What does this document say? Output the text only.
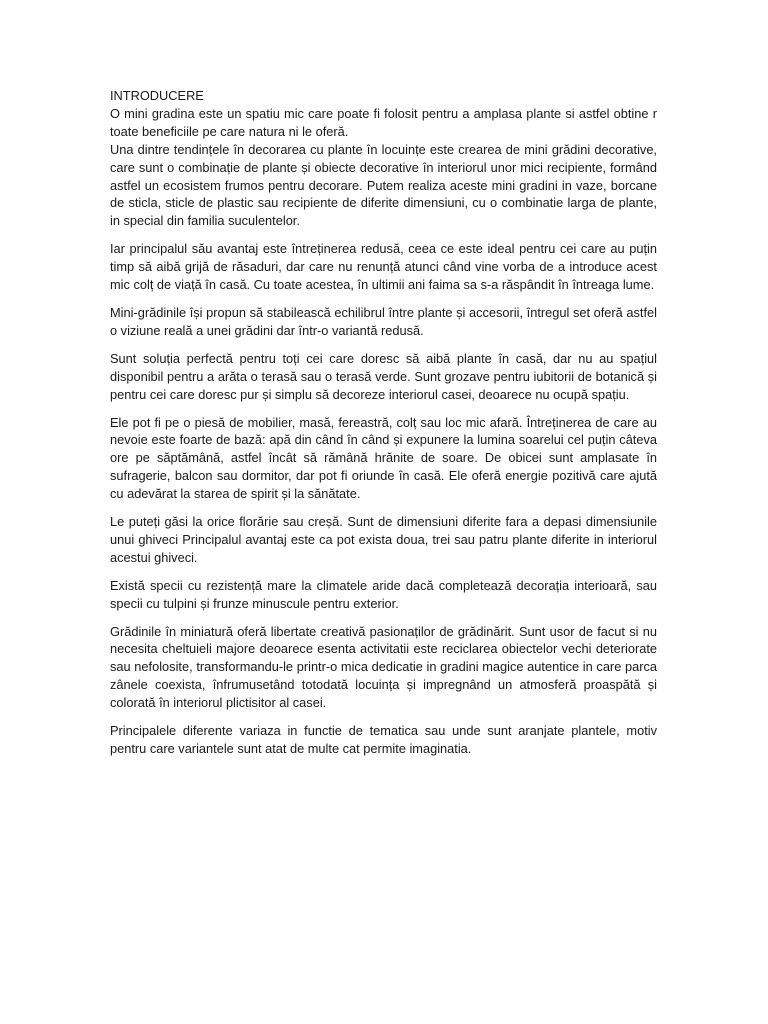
INTRODUCERE

O mini gradina este un spatiu mic care poate fi folosit pentru a amplasa plante si astfel obtine r toate beneficiile pe care natura ni le oferă.

Una dintre tendințele în decorarea cu plante în locuințe este crearea de mini grădini decorative, care sunt o combinație de plante și obiecte decorative în interiorul unor mici recipiente, formând astfel un ecosistem frumos pentru decorare. Putem realiza aceste mini gradini in vaze, borcane de sticla, sticle de plastic sau recipiente de diferite dimensiuni, cu o combinatie larga de plante, in special din familia suculentelor.

Iar principalul său avantaj este întreținerea redusă, ceea ce este ideal pentru cei care au puțin timp să aibă grijă de răsaduri, dar care nu renunță atunci când vine vorba de a introduce acest mic colț de viață în casă. Cu toate acestea, în ultimii ani faima sa s-a răspândit în întreaga lume.

Mini-grădinile își propun să stabilească echilibrul între plante și accesorii, întregul set oferă astfel o viziune reală a unei grădini dar într-o variantă redusă.

Sunt soluția perfectă pentru toți cei care doresc să aibă plante în casă, dar nu au spațiul disponibil pentru a arăta o terasă sau o terasă verde. Sunt grozave pentru iubitorii de botanică și pentru cei care doresc pur și simplu să decoreze interiorul casei, deoarece nu ocupă spațiu.

Ele pot fi pe o piesă de mobilier, masă, fereastră, colț sau loc mic afară. Întreținerea de care au nevoie este foarte de bază: apă din când în când și expunere la lumina soarelui cel puțin câteva ore pe săptămână, astfel încât să rămână hrănite de soare. De obicei sunt amplasate în sufragerie, balcon sau dormitor, dar pot fi oriunde în casă. Ele oferă energie pozitivă care ajută cu adevărat la starea de spirit și la sănătate.

Le puteți găsi la orice florărie sau creșă. Sunt de dimensiuni diferite fara a depasi dimensiunile unui ghiveci Principalul avantaj este ca pot exista doua, trei sau patru plante diferite in interiorul acestui ghiveci.

Există specii cu rezistență mare la climatele aride dacă completează decorația interioară, sau specii cu tulpini și frunze minuscule pentru exterior.

Grădinile în miniatură oferă libertate creativă pasionaților de grădinărit. Sunt usor de facut si nu necesita cheltuieli majore deoarece esenta activitatii este reciclarea obiectelor vechi deteriorate sau nefolosite, transformandu-le printr-o mica dedicatie in gradini magice autentice in care parca zânele coexista, înfrumusetând totodată locuința și impregnând un atmosferă proaspătă și colorată în interiorul plictisitor al casei.

Principalele diferente variaza in functie de tematica sau unde sunt aranjate plantele, motiv pentru care variantele sunt atat de multe cat permite imaginatia.
